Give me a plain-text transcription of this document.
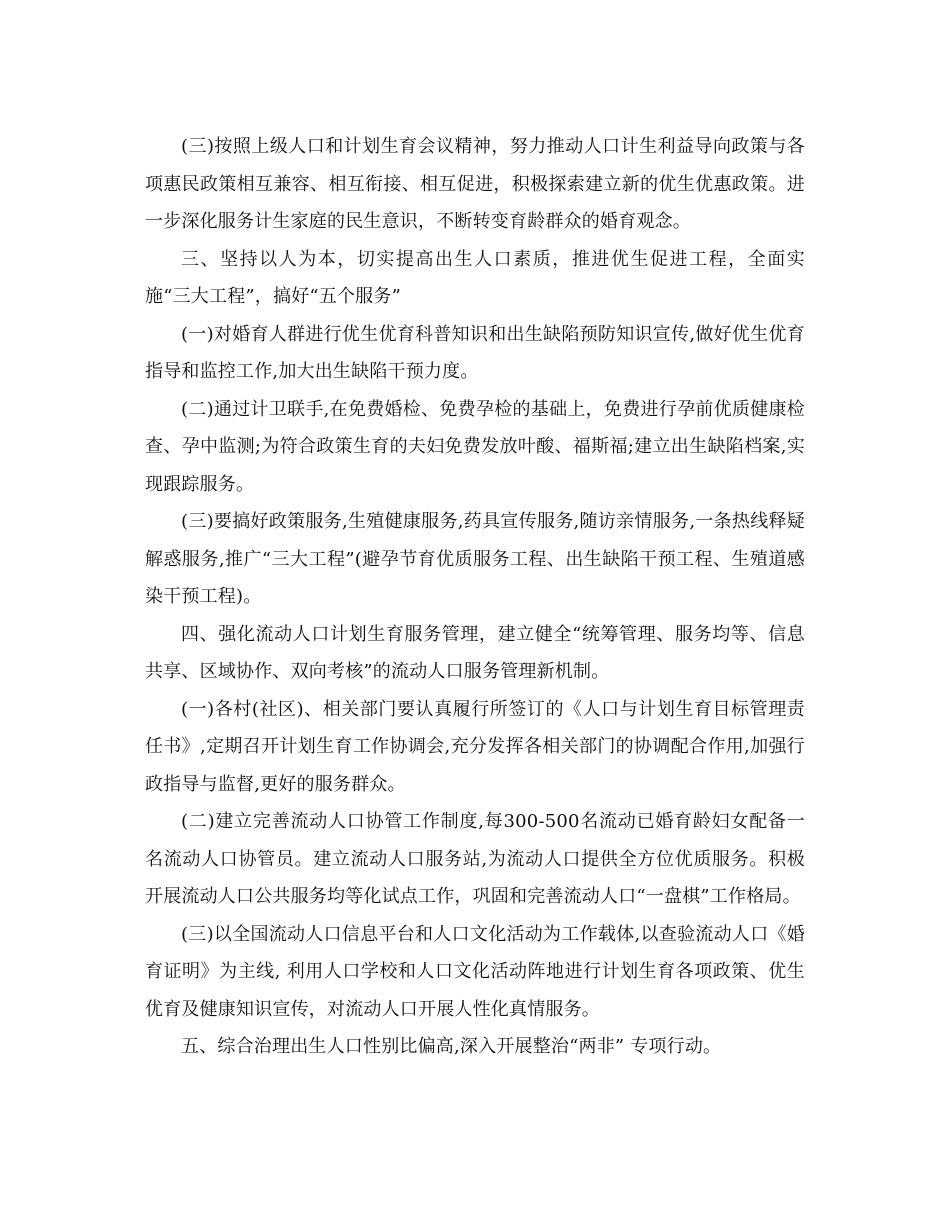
(三)按照上级人口和计划生育会议精神，努力推动人口计生利益导向政策与各项惠民政策相互兼容、相互衔接、相互促进，积极探索建立新的优生优惠政策。进一步深化服务计生家庭的民生意识，不断转变育龄群众的婚育观念。

三、坚持以人为本，切实提高出生人口素质，推进优生促进工程，全面实施“三大工程”，搞好“五个服务”

(一)对婚育人群进行优生优育科普知识和出生缺陷预防知识宣传,做好优生优育指导和监控工作,加大出生缺陷干预力度。

(二)通过计卫联手,在免费婚检、免费孕检的基础上，免费进行孕前优质健康检查、孕中监测;为符合政策生育的夫妇免费发放叶酸、福斯福;建立出生缺陷档案,实现跟踪服务。

(三)要搞好政策服务,生殖健康服务,药具宣传服务,随访亲情服务,一条热线释疑解惑服务,推广“三大工程”(避孕节育优质服务工程、出生缺陷干预工程、生殖道感染干预工程)。

四、强化流动人口计划生育服务管理，建立健全“统筹管理、服务均等、信息共享、区域协作、双向考核”的流动人口服务管理新机制。

(一)各村(社区)、相关部门要认真履行所签订的《人口与计划生育目标管理责任书》,定期召开计划生育工作协调会,充分发挥各相关部门的协调配合作用,加强行政指导与监督,更好的服务群众。

(二)建立完善流动人口协管工作制度,每300-500名流动已婚育龄妇女配备一名流动人口协管员。建立流动人口服务站,为流动人口提供全方位优质服务。积极开展流动人口公共服务均等化试点工作，巩固和完善流动人口“一盘棋”工作格局。

(三)以全国流动人口信息平台和人口文化活动为工作载体,以查验流动人口《婚育证明》为主线, 利用人口学校和人口文化活动阵地进行计划生育各项政策、优生优育及健康知识宣传，对流动人口开展人性化真情服务。

五、综合治理出生人口性别比偏高,深入开展整治“两非” 专项行动。
